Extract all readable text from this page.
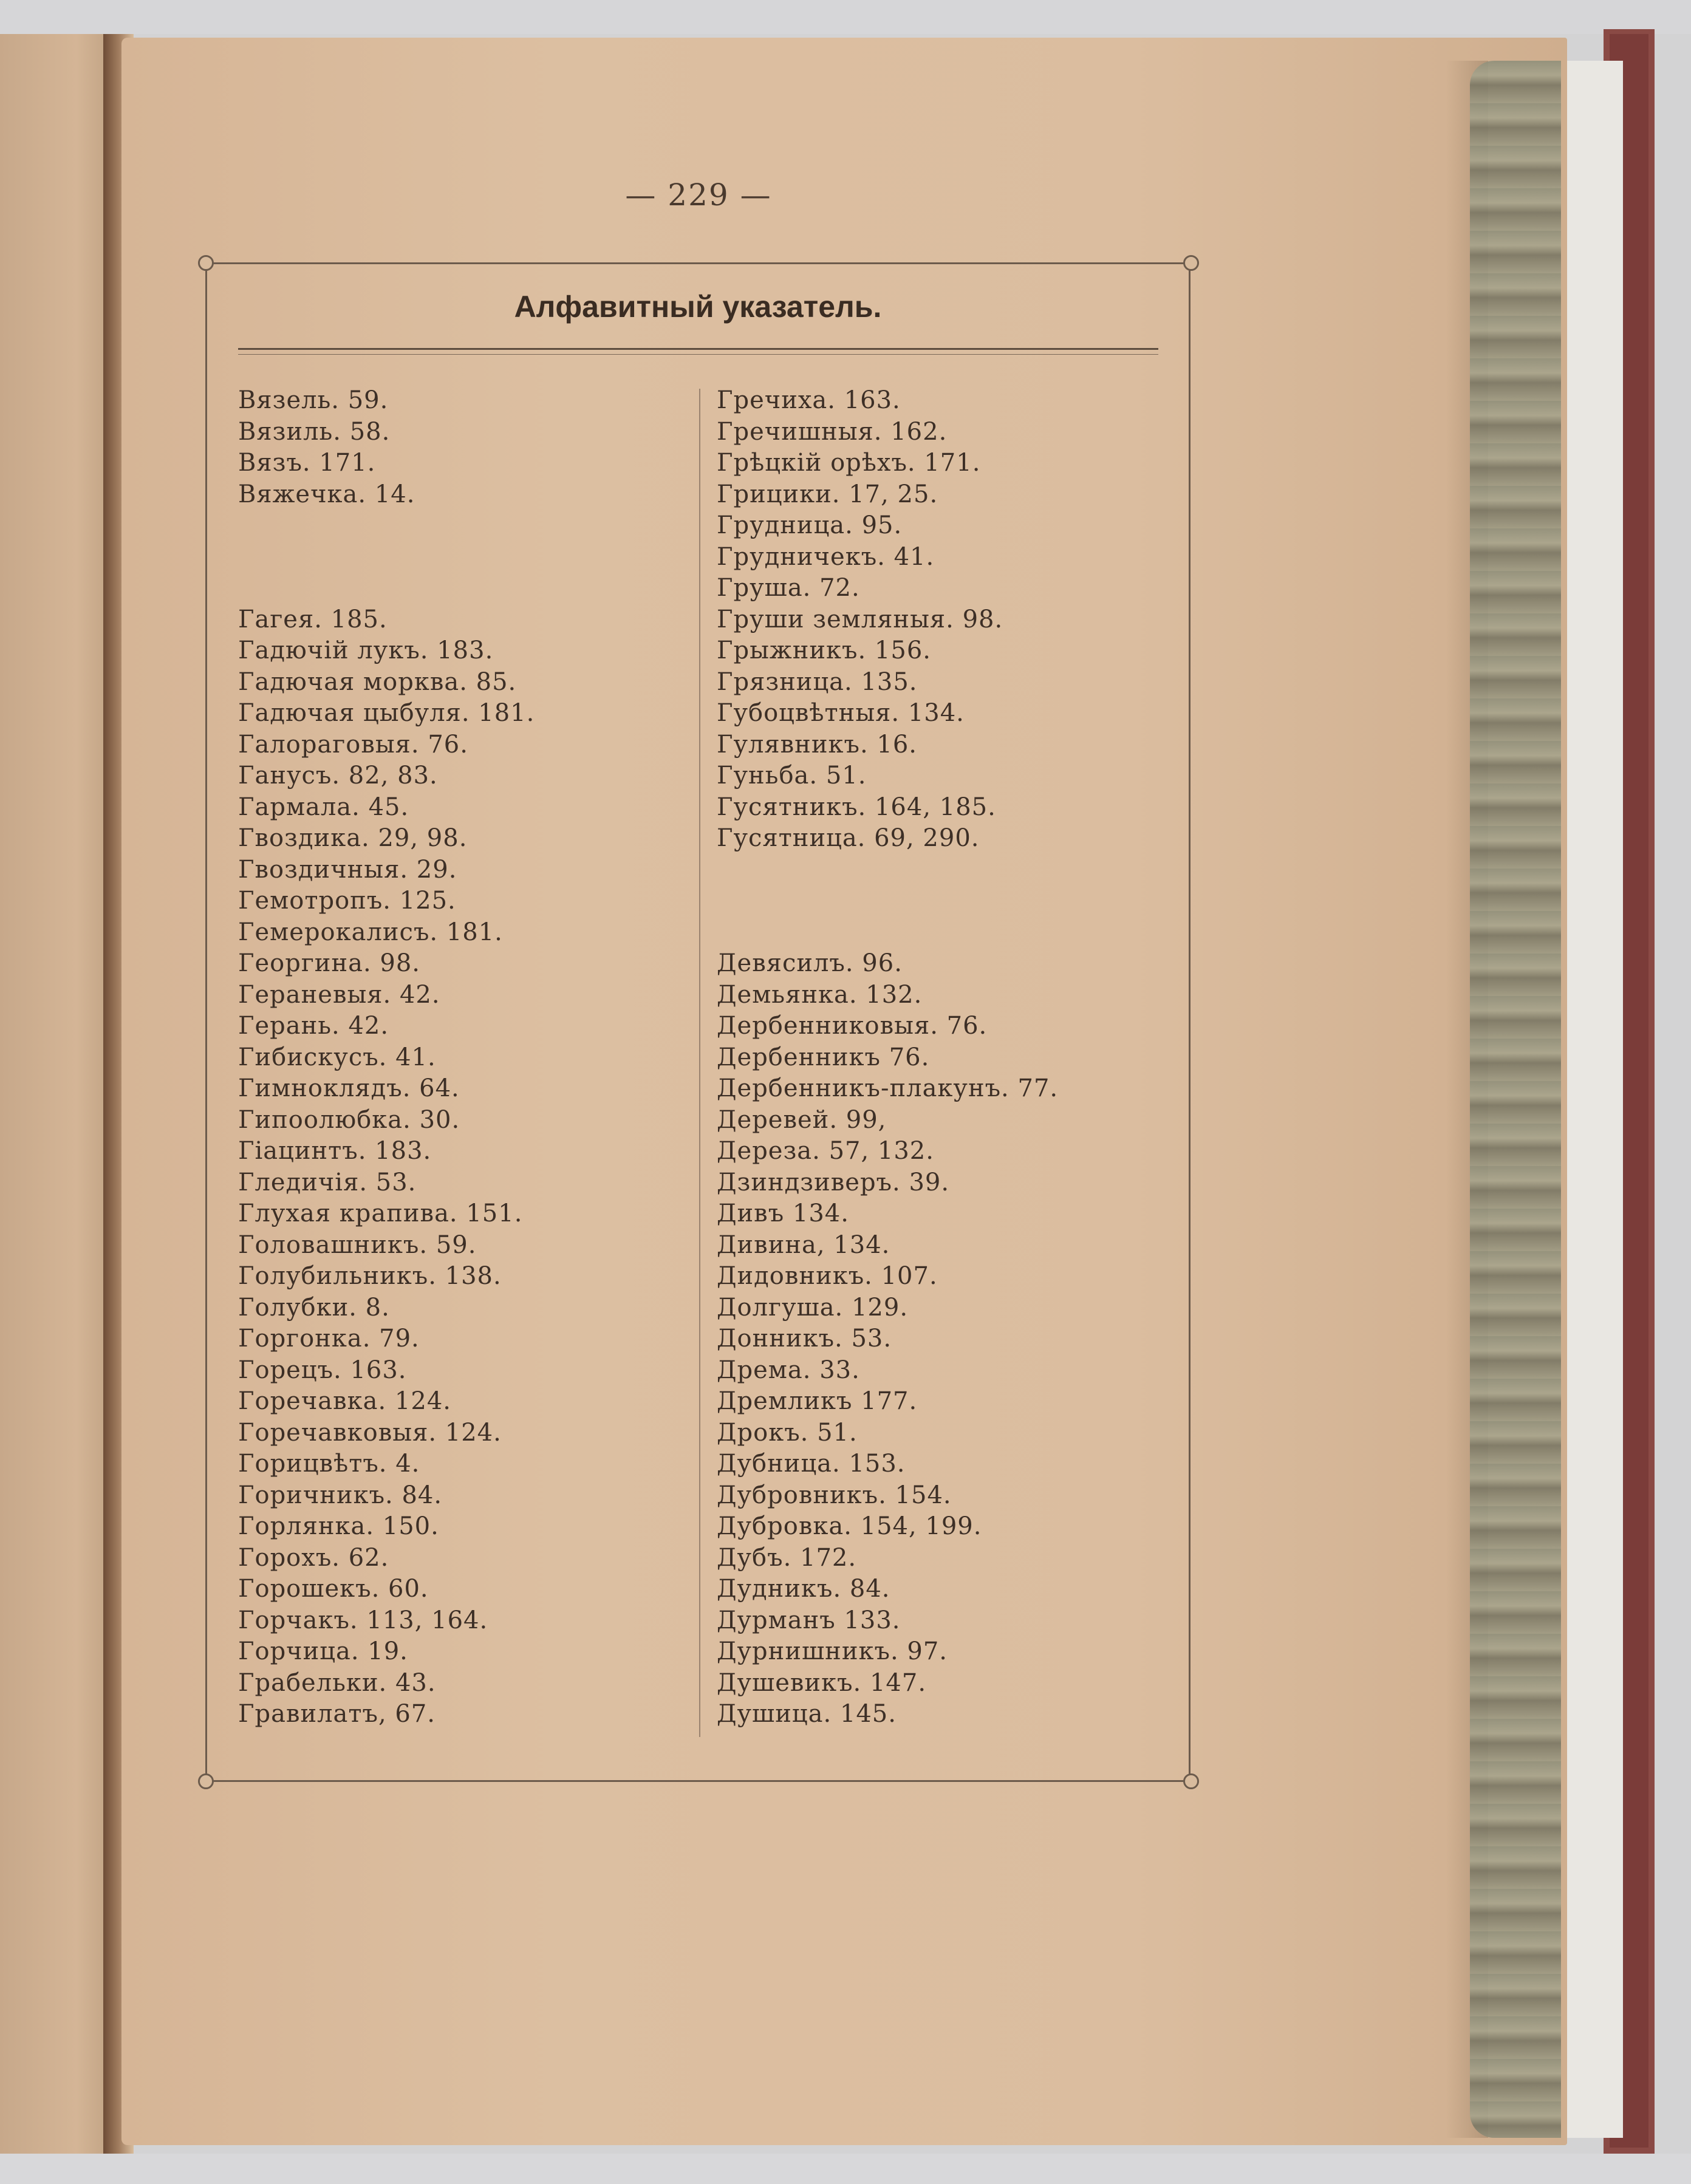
— 229 —
Алфавитный указатель.
Вязель. 59.
Вязиль. 58.
Вязъ. 171.
Вяжечка. 14.
Гагея. 185.
Гадючій лукъ. 183.
Гадючая морква. 85.
Гадючая цыбуля. 181.
Галораговыя. 76.
Ганусъ. 82, 83.
Гармала. 45.
Гвоздика. 29, 98.
Гвоздичныя. 29.
Гемотропъ. 125.
Гемерокалисъ. 181.
Георгина. 98.
Гераневыя. 42.
Герань. 42.
Гибискусъ. 41.
Гимноклядъ. 64.
Гипоолюбка. 30.
Гіацинтъ. 183.
Гледичія. 53.
Глухая крапива. 151.
Головашникъ. 59.
Голубильникъ. 138.
Голубки. 8.
Горгонка. 79.
Горецъ. 163.
Горечавка. 124.
Горечавковыя. 124.
Горицвѣтъ. 4.
Горичникъ. 84.
Горлянка. 150.
Горохъ. 62.
Горошекъ. 60.
Горчакъ. 113, 164.
Горчица. 19.
Грабельки. 43.
Гравилатъ, 67.
Гречиха. 163.
Гречишныя. 162.
Грѣцкій орѣхъ. 171.
Грицики. 17, 25.
Грудница. 95.
Грудничекъ. 41.
Груша. 72.
Груши земляныя. 98.
Грыжникъ. 156.
Грязница. 135.
Губоцвѣтныя. 134.
Гулявникъ. 16.
Гуньба. 51.
Гусятникъ. 164, 185.
Гусятница. 69, 290.
Девясилъ. 96.
Демьянка. 132.
Дербенниковыя. 76.
Дербенникъ 76.
Дербенникъ-плакунъ. 77.
Деревей. 99,
Дереза. 57, 132.
Дзиндзиверъ. 39.
Дивъ 134.
Дивина, 134.
Дидовникъ. 107.
Долгуша. 129.
Донникъ. 53.
Дрема. 33.
Дремликъ 177.
Дрокъ. 51.
Дубница. 153.
Дубровникъ. 154.
Дубровка. 154, 199.
Дубъ. 172.
Дудникъ. 84.
Дурманъ 133.
Дурнишникъ. 97.
Душевикъ. 147.
Душица. 145.
